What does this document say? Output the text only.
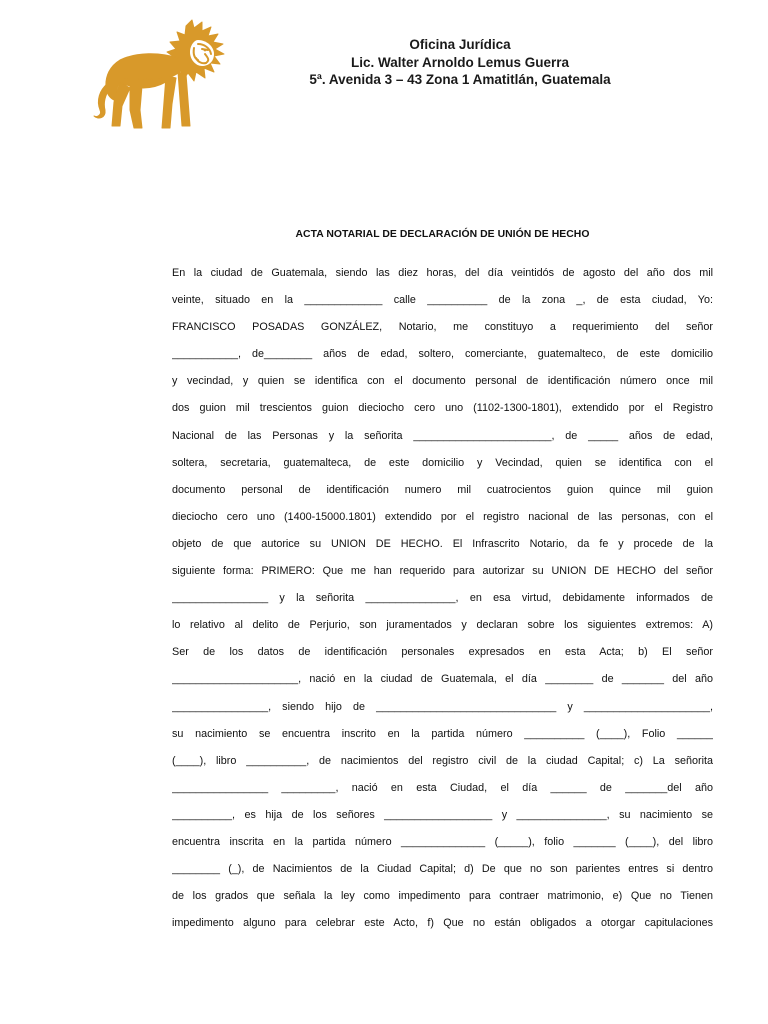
Oficina Jurídica
Lic. Walter Arnoldo Lemus Guerra
5ª. Avenida 3 – 43 Zona 1 Amatitlán, Guatemala
ACTA NOTARIAL DE DECLARACIÓN DE UNIÓN DE HECHO
En la ciudad de Guatemala, siendo las diez horas, del día veintidós de agosto del año dos mil
veinte, situado en la _____________ calle __________ de la zona _, de esta ciudad, Yo:
FRANCISCO POSADAS GONZÁLEZ, Notario, me constituyo a requerimiento del señor
___________, de________ años de edad, soltero, comerciante, guatemalteco, de este domicilio
y vecindad, y quien se identifica con el documento personal de identificación número once mil
dos guion mil trescientos guion dieciocho cero uno (1102-1300-1801), extendido por el Registro
Nacional de las Personas y la señorita _______________________, de _____ años de edad,
soltera, secretaria, guatemalteca, de este domicilio y Vecindad, quien se identifica con el
documento personal de identificación numero mil cuatrocientos guion quince mil guion
dieciocho cero uno (1400-15000.1801) extendido por el registro nacional de las personas, con el
objeto de que autorice su UNION DE HECHO. El Infrascrito Notario, da fe y procede de la
siguiente forma: PRIMERO: Que me han requerido para autorizar su UNION DE HECHO del señor
________________ y la señorita _______________, en esa virtud, debidamente informados de
lo relativo al delito de Perjurio, son juramentados y declaran sobre los siguientes extremos: A)
Ser de los datos de identificación personales expresados en esta Acta; b) El señor
_____________________, nació en la ciudad de Guatemala, el día ________ de _______ del año
________________, siendo hijo de ______________________________ y _____________________,
su nacimiento se encuentra inscrito en la partida número __________ (____), Folio ______
(____), libro __________, de nacimientos del registro civil de la ciudad Capital; c) La señorita
________________ _________, nació en esta Ciudad, el día ______ de _______del año
__________, es hija de los señores __________________ y _______________, su nacimiento se
encuentra inscrita en la partida número ______________ (_____), folio _______ (____), del libro
________ (_), de Nacimientos de la Ciudad Capital; d) De que no son parientes entres si dentro
de los grados que señala la ley como impedimento para contraer matrimonio, e) Que no Tienen
impedimento alguno para celebrar este Acto, f) Que no están obligados a otorgar capitulaciones
